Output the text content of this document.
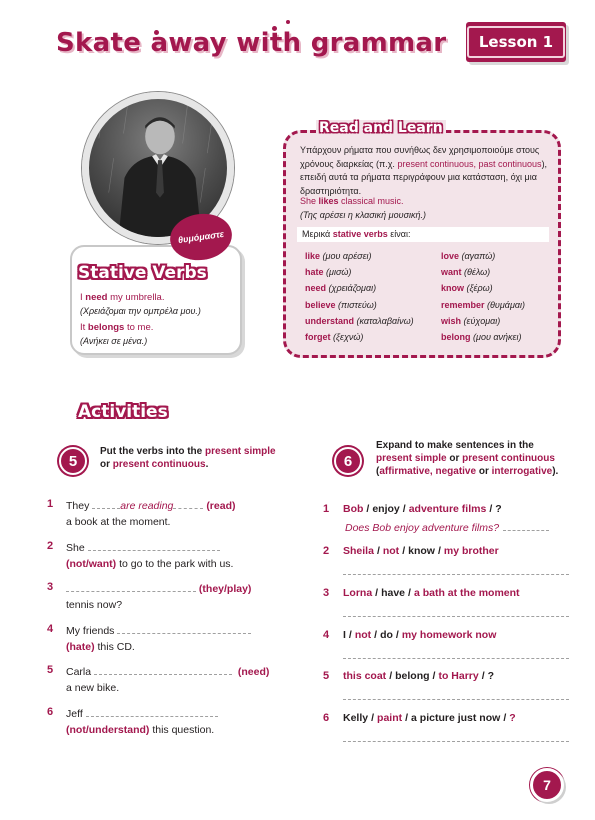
Skate away with grammar	Lesson 1
θυμόμαστε
Stative Verbs
I need my umbrella.
(Χρειάζομαι την ομπρέλα μου.)
It belongs to me.
(Ανήκει σε μένα.)
Read and Learn

Υπάρχουν ρήματα που συνήθως δεν χρησιμοποιούμε στους χρόνους διαρκείας (π.χ. present continuous, past continuous), επειδή αυτά τα ρήματα περιγράφουν μια κατάσταση, όχι μια δραστηριότητα.

She likes classical music.
(Της αρέσει η κλασική μουσική.)
Μερικά stative verbs είναι:
like (μου αρέσει)	love (αγαπώ)
hate (μισώ)	want (θέλω)
need (χρειάζομαι)	know (ξέρω)
believe (πιστεύω)	remember (θυμάμαι)
understand (καταλαβαίνω)	wish (εύχομαι)
forget (ξεχνώ)	belong (μου ανήκει)
Activities
5
Put the verbs into the present simple or present continuous.
1 They	are reading	(read)
a book at the moment.
2 She
(not/want) to go to the park with us.
3	(they/play)
tennis now?
4 My friends
(hate) this CD.
5 Carla	(need)
a new bike.
6 Jeff
(not/understand) this question.
6
Expand to make sentences in the present simple or present continuous (affirmative, negative or interrogative).
1 Bob / enjoy / adventure films / ?
Does Bob enjoy adventure films?
2 Sheila / not / know / my brother
3 Lorna / have / a bath at the moment
4 I / not / do / my homework now
5 this coat / belong / to Harry / ?
6 Kelly / paint / a picture just now / ?
7
